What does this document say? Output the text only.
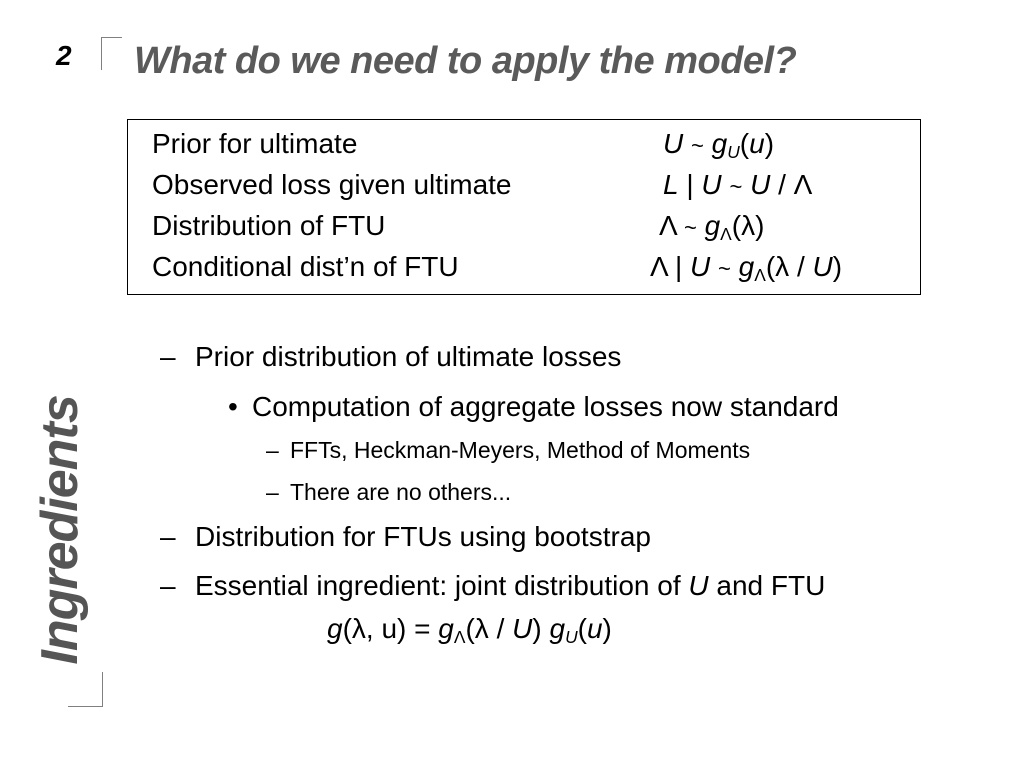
2	What do we need to apply the model?
Ingredients
Prior for ultimate	U ~ $g_U(u)$
Observed loss given ultimate	L | U ~ U / Λ
Distribution of FTU	Λ ~ $g_\Lambda(\lambda)$
Conditional dist’n of FTU	Λ | U ~ $g_\Lambda(\lambda / U)$
– Prior distribution of ultimate losses
• Computation of aggregate losses now standard
– FFTs, Heckman-Meyers, Method of Moments
– There are no others...
– Distribution for FTUs using bootstrap
– Essential ingredient: joint distribution of U and FTU
g(λ, $u) = g_\Lambda(\lambda / U)$ $g_U(u)$
